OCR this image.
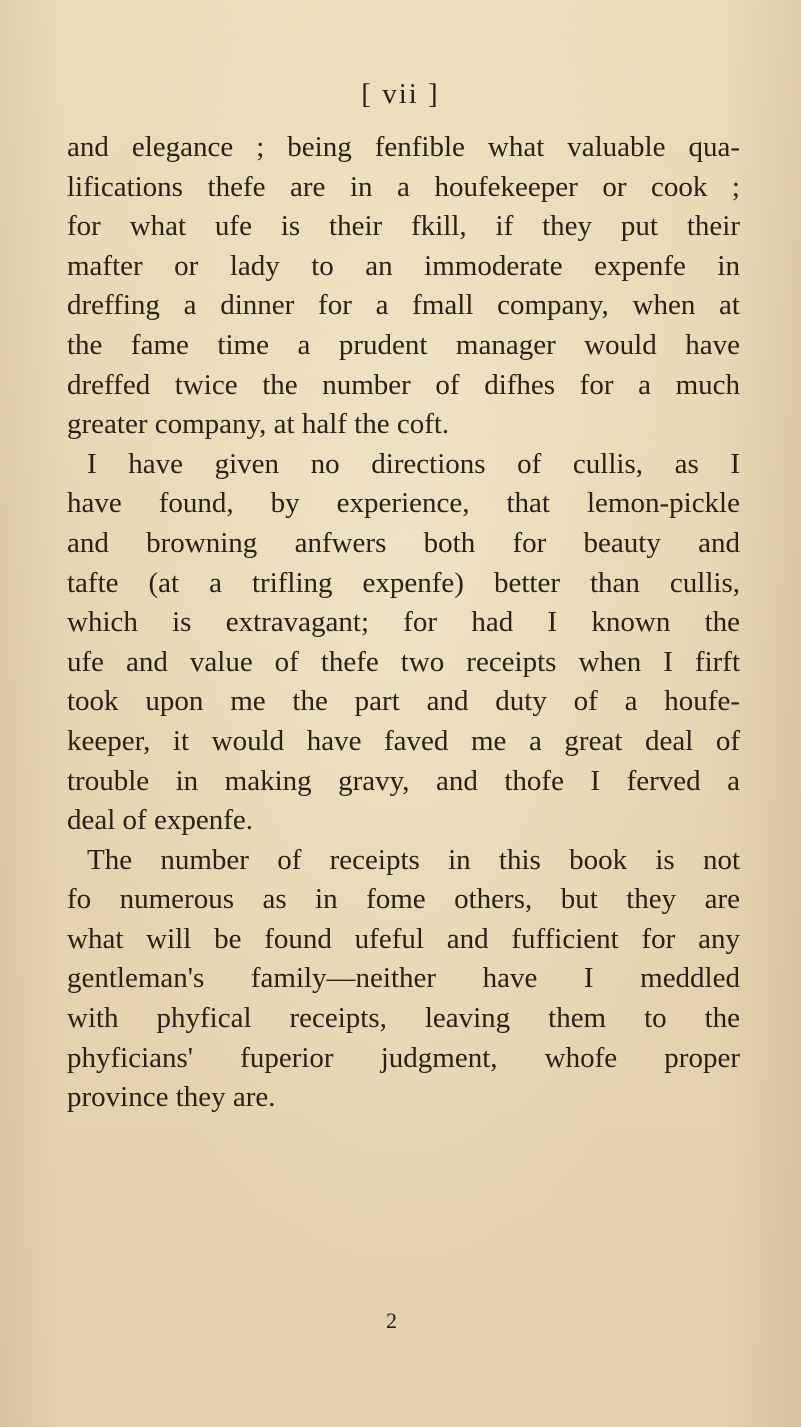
[ vii ]
and elegance ; being fenfible what valuable qua-
lifications thefe are in a houfekeeper or cook ;
for what ufe is their fkill, if they put their
mafter or lady to an immoderate expenfe in
dreffing a dinner for a fmall company, when at
the fame time a prudent manager would have
dreffed twice the number of difhes for a much
greater company, at half the coft.
I have given no directions of cullis, as I
have found, by experience, that lemon-pickle
and browning anfwers both for beauty and
tafte (at a trifling expenfe) better than cullis,
which is extravagant; for had I known the
ufe and value of thefe two receipts when I firft
took upon me the part and duty of a houfe-
keeper, it would have faved me a great deal of
trouble in making gravy, and thofe I ferved a
deal of expenfe.
The number of receipts in this book is not
fo numerous as in fome others, but they are
what will be found ufeful and fufficient for any
gentleman's family—neither have I meddled
with phyfical receipts, leaving them to the
phyficians' fuperior judgment, whofe proper
province they are.
2
